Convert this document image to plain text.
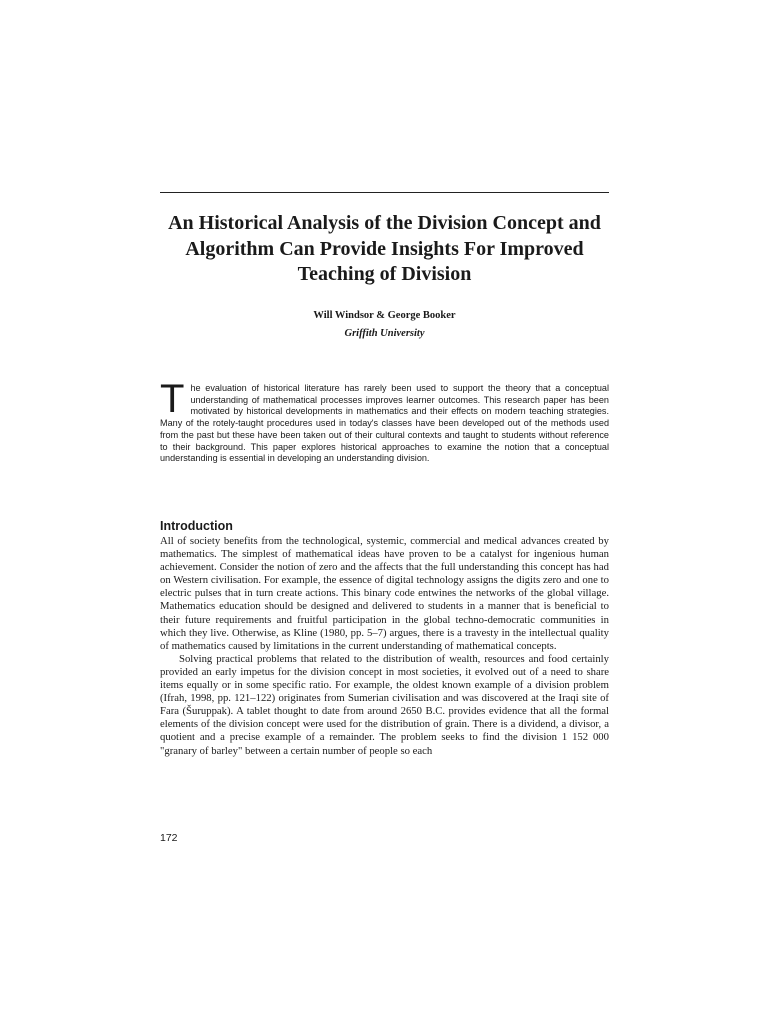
An Historical Analysis of the Division Concept and Algorithm Can Provide Insights For Improved Teaching of Division

Will Windsor & George Booker

Griffith University

T he evaluation of historical literature has rarely been used to support the theory that a conceptual understanding of mathematical processes improves learner outcomes. This research paper has been motivated by historical developments in mathematics and their effects on modern teaching strategies. Many of the rotely-taught procedures used in today's classes have been developed out of the methods used from the past but these have been taken out of their cultural contexts and taught to students without reference to their background. This paper explores historical approaches to examine the notion that a conceptual understanding is essential in developing an understanding division.
Introduction

All of society benefits from the technological, systemic, commercial and medical advances created by mathematics. The simplest of mathematical ideas have proven to be a catalyst for ingenious human achievement. Consider the notion of zero and the affects that the full understanding this concept has had on Western civilisation. For example, the essence of digital technology assigns the digits zero and one to electric pulses that in turn create actions. This binary code entwines the networks of the global village. Mathematics education should be designed and delivered to students in a manner that is beneficial to their future requirements and fruitful participation in the global techno-democratic communities in which they live. Otherwise, as Kline (1980, pp. 5–7) argues, there is a travesty in the intellectual quality of mathematics caused by limitations in the current understanding of mathematical concepts.

Solving practical problems that related to the distribution of wealth, resources and food certainly provided an early impetus for the division concept in most societies, it evolved out of a need to share items equally or in some specific ratio. For example, the oldest known example of a division problem (Ifrah, 1998, pp. 121–122) originates from Sumerian civilisation and was discovered at the Iraqi site of Fara (Šuruppak). A tablet thought to date from around 2650 B.C. provides evidence that all the formal elements of the division concept were used for the distribution of grain. There is a dividend, a divisor, a quotient and a precise example of a remainder. The problem seeks to find the division 1 152 000 "granary of barley" between a certain number of people so each

172
